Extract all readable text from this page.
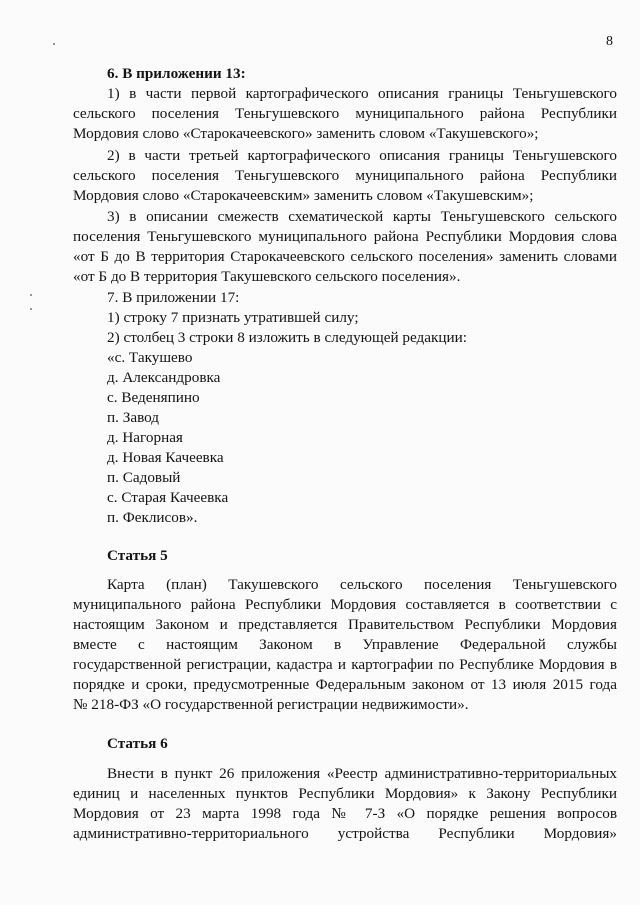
8

6. В приложении 13:

1) в части первой картографического описания границы Теньгушевского

сельского поселения Теньгушевского муниципального района Республики

Мордовия слово «Старокачеевского» заменить словом «Такушевского»;

2) в части третьей картографического описания границы Теньгушевского

сельского поселения Теньгушевского муниципального района Республики

Мордовия слово «Старокачеевским» заменить словом «Такушевским»;

3) в описании смежеств схематической карты Теньгушевского сельского

поселения Теньгушевского муниципального района Республики Мордовия слова

«от Б до В территория Старокачеевского сельского поселения» заменить словами

«от Б до В территория Такушевского сельского поселения».

7. В приложении 17:

1) строку 7 признать утратившей силу;

2) столбец 3 строки 8 изложить в следующей редакции:

«с. Такушево

д. Александровка

с. Веденяпино

п. Завод

д. Нагорная

д. Новая Качеевка

п. Садовый

с. Старая Качеевка

п. Феклисов».

Статья 5

Карта (план) Такушевского сельского поселения Теньгушевского

муниципального района Республики Мордовия составляется в соответствии с

настоящим Законом и представляется Правительством Республики Мордовия

вместе с настоящим Законом в Управление Федеральной службы

государственной регистрации, кадастра и картографии по Республике Мордовия в

порядке и сроки, предусмотренные Федеральным законом от 13 июля 2015 года

№ 218-ФЗ «О государственной регистрации недвижимости».

Статья 6

Внести в пункт 26 приложения «Реестр административно-территориальных

единиц и населенных пунктов Республики Мордовия» к Закону Республики

Мордовия от 23 марта 1998 года № 7-З «О порядке решения вопросов

административно-территориального устройства Республики Мордовия»
